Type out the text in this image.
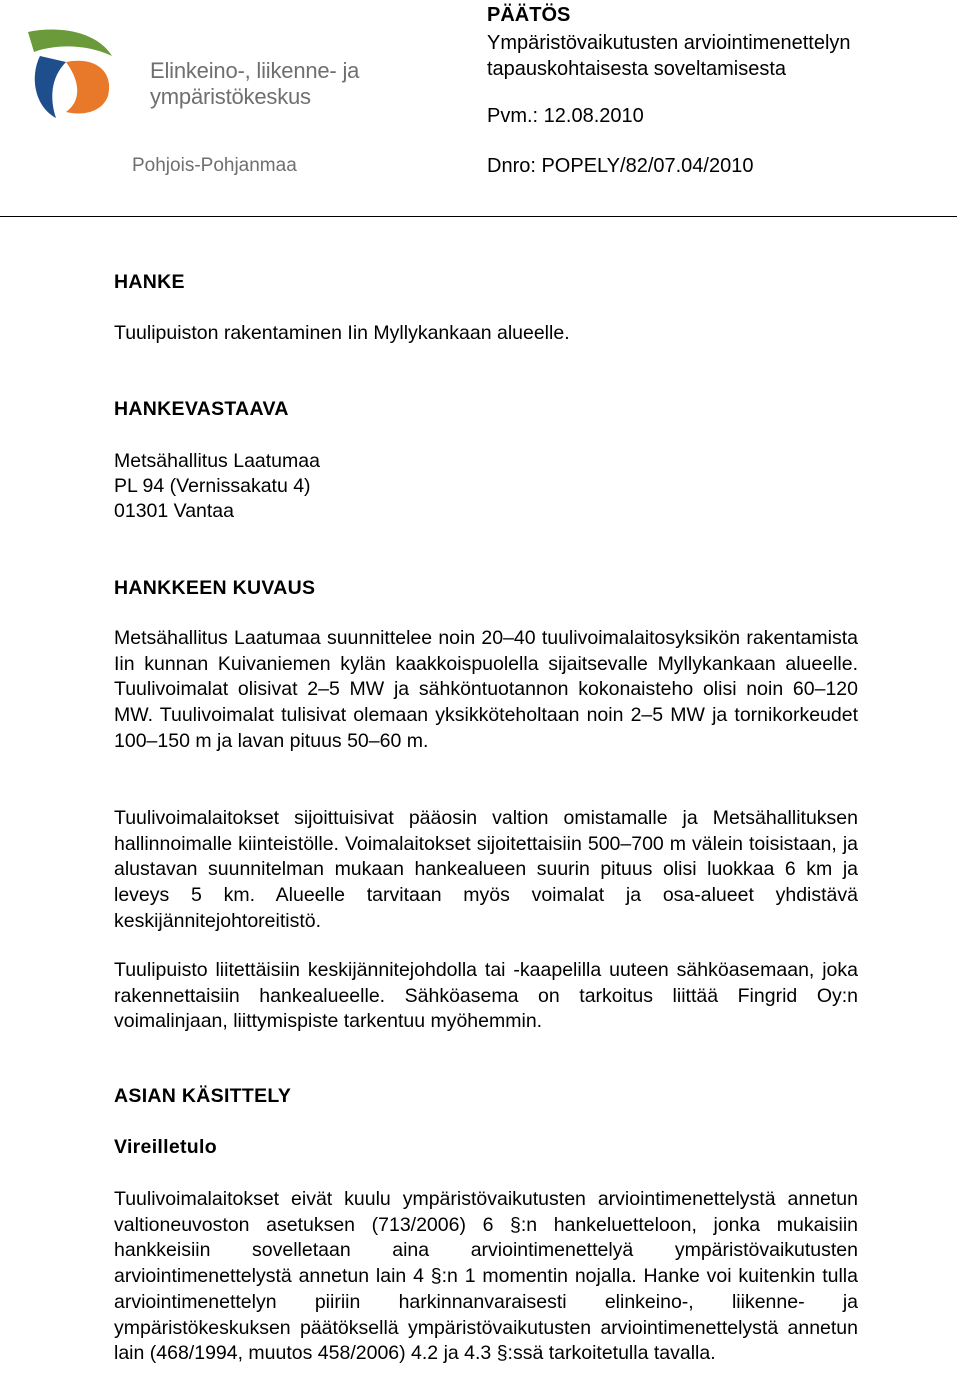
Elinkeino-, liikenne- ja
ympäristökeskus
Pohjois-Pohjanmaa
PÄÄTÖS
Ympäristövaikutusten arviointimenettelyn tapauskohtaisesta soveltamisesta
Pvm.: 12.08.2010
Dnro: POPELY/82/07.04/2010
HANKE
Tuulipuiston rakentaminen Iin Myllykankaan alueelle.
HANKEVASTAAVA
Metsähallitus Laatumaa
PL 94 (Vernissakatu 4)
01301 Vantaa
HANKKEEN KUVAUS

Metsähallitus Laatumaa suunnittelee noin 20–40 tuulivoimalaitosyksikön rakentamista Iin kunnan Kuivaniemen kylän kaakkoispuolella sijaitsevalle Myllykankaan alueelle. Tuulivoimalat olisivat 2–5 MW ja sähköntuotannon kokonaisteho olisi noin 60–120 MW. Tuulivoimalat tulisivat olemaan yksikköteholtaan noin 2–5 MW ja tornikorkeudet 100–150 m ja lavan pituus 50–60 m.

Tuulivoimalaitokset sijoittuisivat pääosin valtion omistamalle ja Metsähallituksen hallinnoimalle kiinteistölle. Voimalaitokset sijoitettaisiin 500–700 m välein toisistaan, ja alustavan suunnitelman mukaan hankealueen suurin pituus olisi luokkaa 6 km ja leveys 5 km. Alueelle tarvitaan myös voimalat ja osa-alueet yhdistävä keskijännitejohtoreitistö.

Tuulipuisto liitettäisiin keskijännitejohdolla tai -kaapelilla uuteen sähköasemaan, joka rakennettaisiin hankealueelle. Sähköasema on tarkoitus liittää Fingrid Oy:n voimalinjaan, liittymispiste tarkentuu myöhemmin.

ASIAN KÄSITTELY
Vireilletulo

Tuulivoimalaitokset eivät kuulu ympäristövaikutusten arviointimenettelystä annetun valtioneuvoston asetuksen (713/2006) 6 §:n hankeluetteloon, jonka mukaisiin hankkeisiin sovelletaan aina arviointimenettelyä ympäristövaikutusten arviointimenettelystä annetun lain 4 §:n 1 momentin nojalla. Hanke voi kuitenkin tulla arviointimenettelyn piiriin harkinnanvaraisesti elinkeino-, liikenne- ja ympäristökeskuksen päätöksellä ympäristövaikutusten arviointimenettelystä annetun lain (468/1994, muutos 458/2006) 4.2 ja 4.3 §:ssä tarkoitetulla tavalla.
